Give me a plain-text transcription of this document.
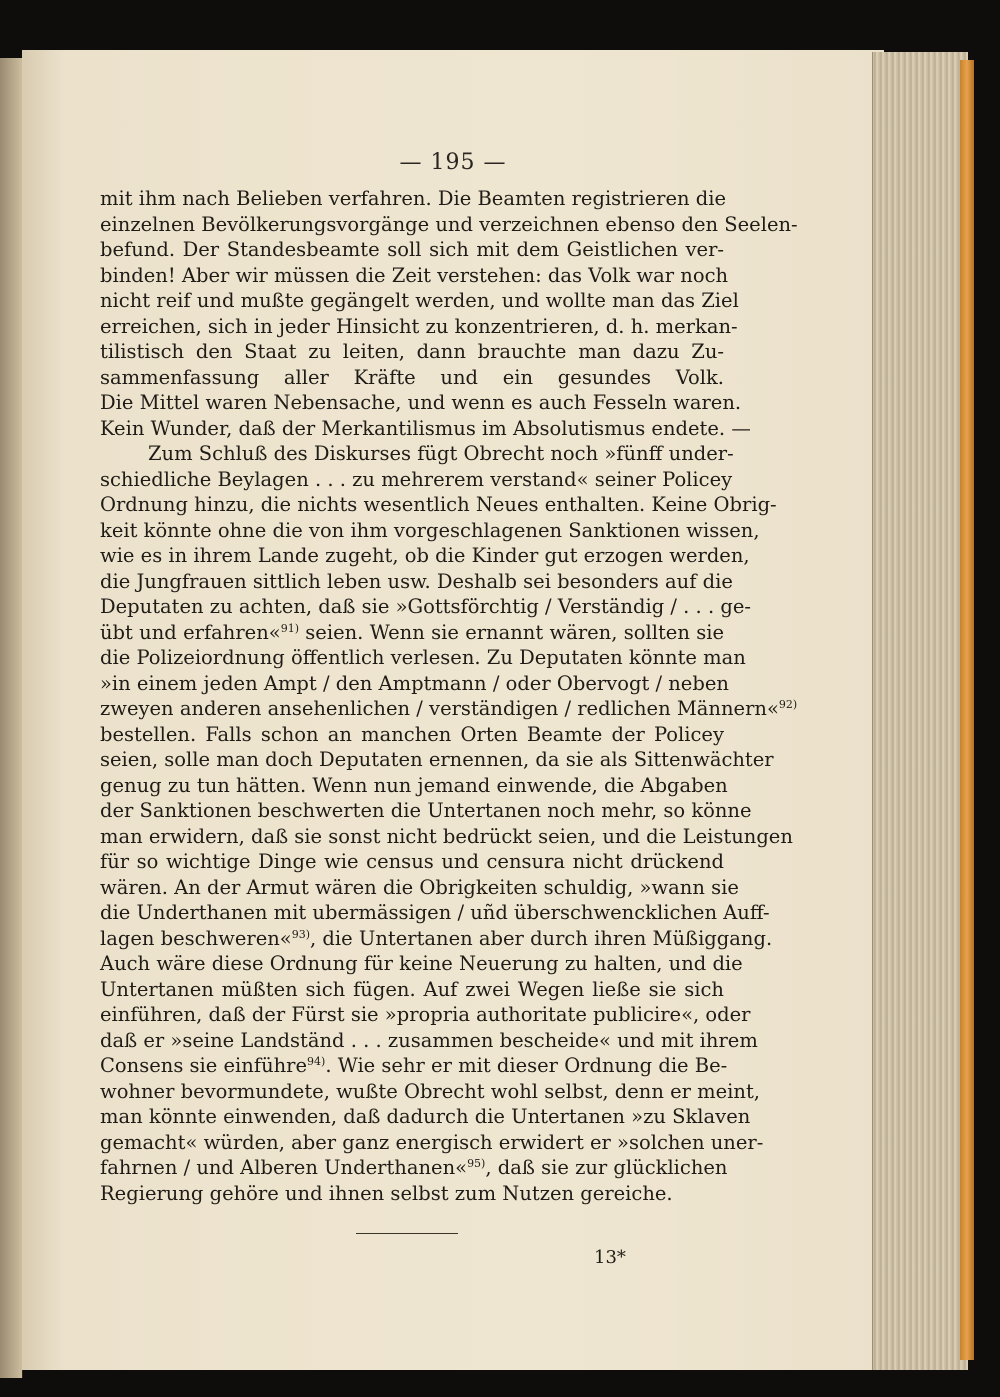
— 195 —

mit ihm nach Belieben verfahren. Die Beamten registrieren die
einzelnen Bevölkerungsvorgänge und verzeichnen ebenso den Seelen-
befund. Der Standesbeamte soll sich mit dem Geistlichen ver-
binden! Aber wir müssen die Zeit verstehen: das Volk war noch
nicht reif und mußte gegängelt werden, und wollte man das Ziel
erreichen, sich in jeder Hinsicht zu konzentrieren, d. h. merkan-
tilistisch den Staat zu leiten, dann brauchte man dazu Zu-
sammenfassung aller Kräfte und ein gesundes Volk.
Die Mittel waren Nebensache, und wenn es auch Fesseln waren.
Kein Wunder, daß der Merkantilismus im Absolutismus endete. —
Zum Schluß des Diskurses fügt Obrecht noch »fünff under-
schiedliche Beylagen . . . zu mehrerem verstand« seiner Policey
Ordnung hinzu, die nichts wesentlich Neues enthalten. Keine Obrig-
keit könnte ohne die von ihm vorgeschlagenen Sanktionen wissen,
wie es in ihrem Lande zugeht, ob die Kinder gut erzogen werden,
die Jungfrauen sittlich leben usw. Deshalb sei besonders auf die
Deputaten zu achten, daß sie »Gottsförchtig / Verständig / . . . ge-
übt und erfahren«$^{91)}$ seien. Wenn sie ernannt wären, sollten sie
die Polizeiordnung öffentlich verlesen. Zu Deputaten könnte man
»in einem jeden Ampt / den Amptmann / oder Obervogt / neben
zweyen anderen ansehenlichen / verständigen / redlichen Männern«$^{92)}$
bestellen. Falls schon an manchen Orten Beamte der Policey
seien, solle man doch Deputaten ernennen, da sie als Sittenwächter
genug zu tun hätten. Wenn nun jemand einwende, die Abgaben
der Sanktionen beschwerten die Untertanen noch mehr, so könne
man erwidern, daß sie sonst nicht bedrückt seien, und die Leistungen
für so wichtige Dinge wie census und censura nicht drückend
wären. An der Armut wären die Obrigkeiten schuldig, »wann sie
die Underthanen mit ubermässigen / uñd überschwencklichen Auff-
lagen beschweren«$^{93)}$, die Untertanen aber durch ihren Müßiggang.
Auch wäre diese Ordnung für keine Neuerung zu halten, und die
Untertanen müßten sich fügen. Auf zwei Wegen ließe sie sich
einführen, daß der Fürst sie »propria authoritate publicire«, oder
daß er »seine Landständ . . . zusammen bescheide« und mit ihrem
Consens sie einführe$^{94)}$. Wie sehr er mit dieser Ordnung die Be-
wohner bevormundete, wußte Obrecht wohl selbst, denn er meint,
man könnte einwenden, daß dadurch die Untertanen »zu Sklaven
gemacht« würden, aber ganz energisch erwidert er »solchen uner-
fahrnen / und Alberen Underthanen«$^{95)}$, daß sie zur glücklichen
Regierung gehöre und ihnen selbst zum Nutzen gereiche.

13*
